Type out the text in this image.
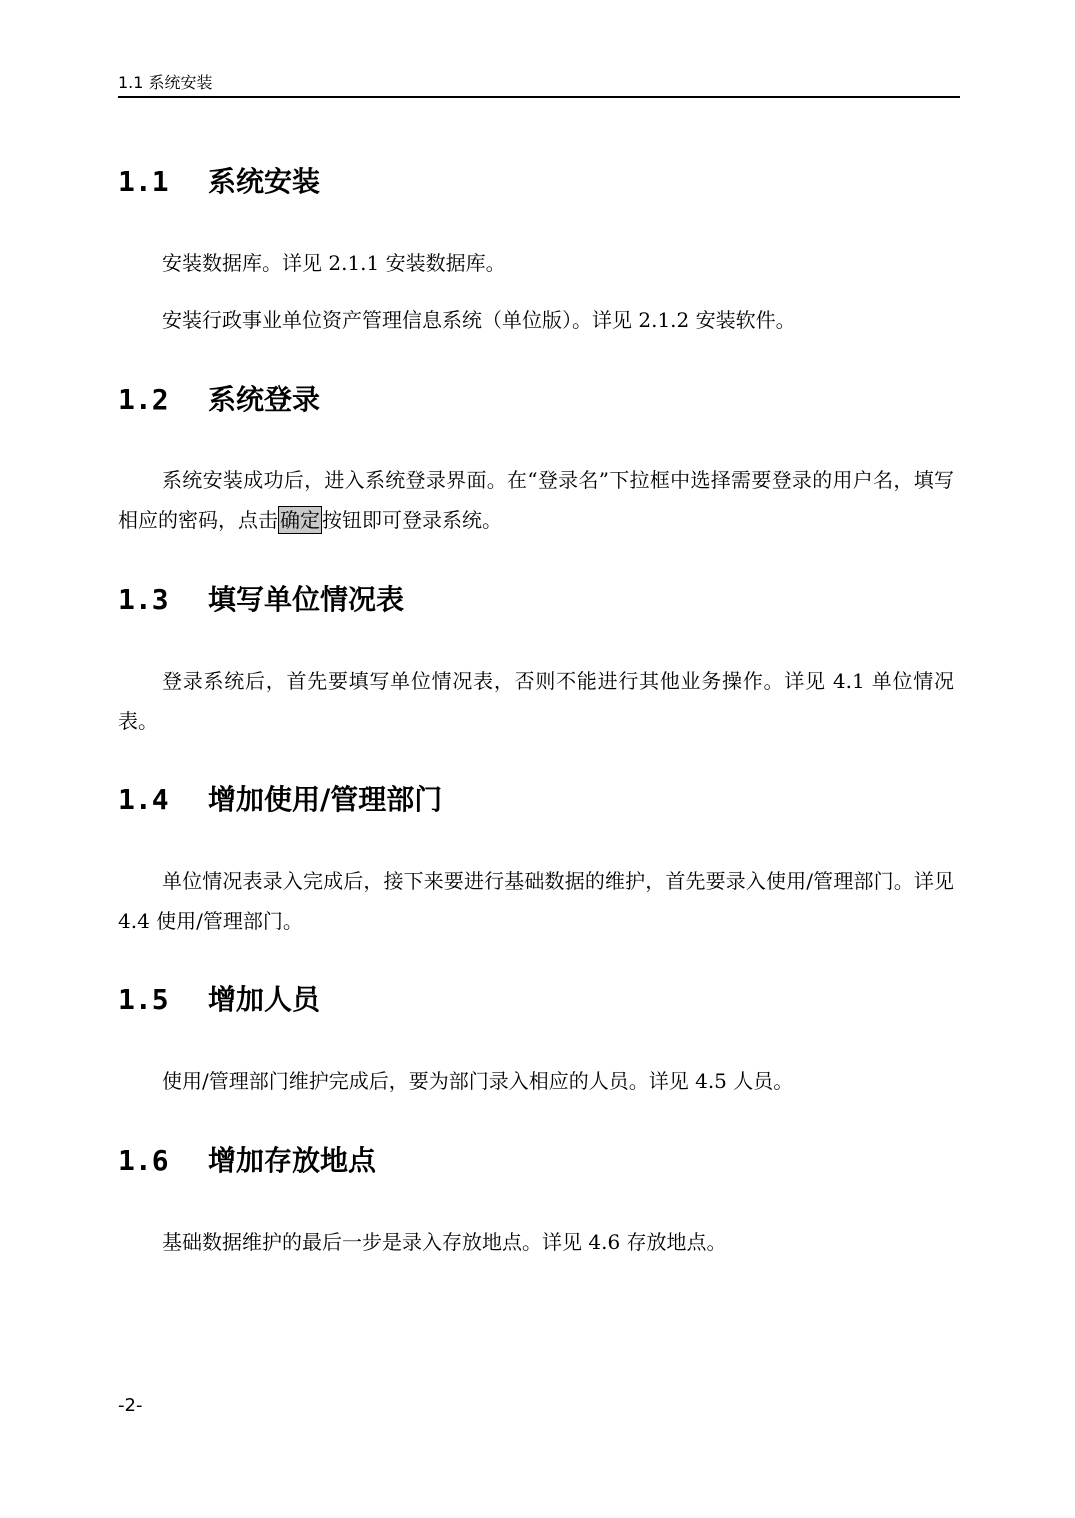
1.1 系统安装
1.1 系统安装

安装数据库。详见 2.1.1 安装数据库。

安装行政事业单位资产管理信息系统（单位版）。详见 2.1.2 安装软件。

1.2 系统登录

系统安装成功后，进入系统登录界面。在“登录名”下拉框中选择需要登录的用户名，填写相应的密码，点击 确定 按钮即可登录系统。

1.3 填写单位情况表

登录系统后，首先要填写单位情况表，否则不能进行其他业务操作。详见 4.1 单位情况表。

1.4 增加使用/管理部门

单位情况表录入完成后，接下来要进行基础数据的维护，首先要录入使用/管理部门。详见 4.4 使用/管理部门。

1.5 增加人员

使用/管理部门维护完成后，要为部门录入相应的人员。详见 4.5 人员。

1.6 增加存放地点

基础数据维护的最后一步是录入存放地点。详见 4.6 存放地点。

-2-
